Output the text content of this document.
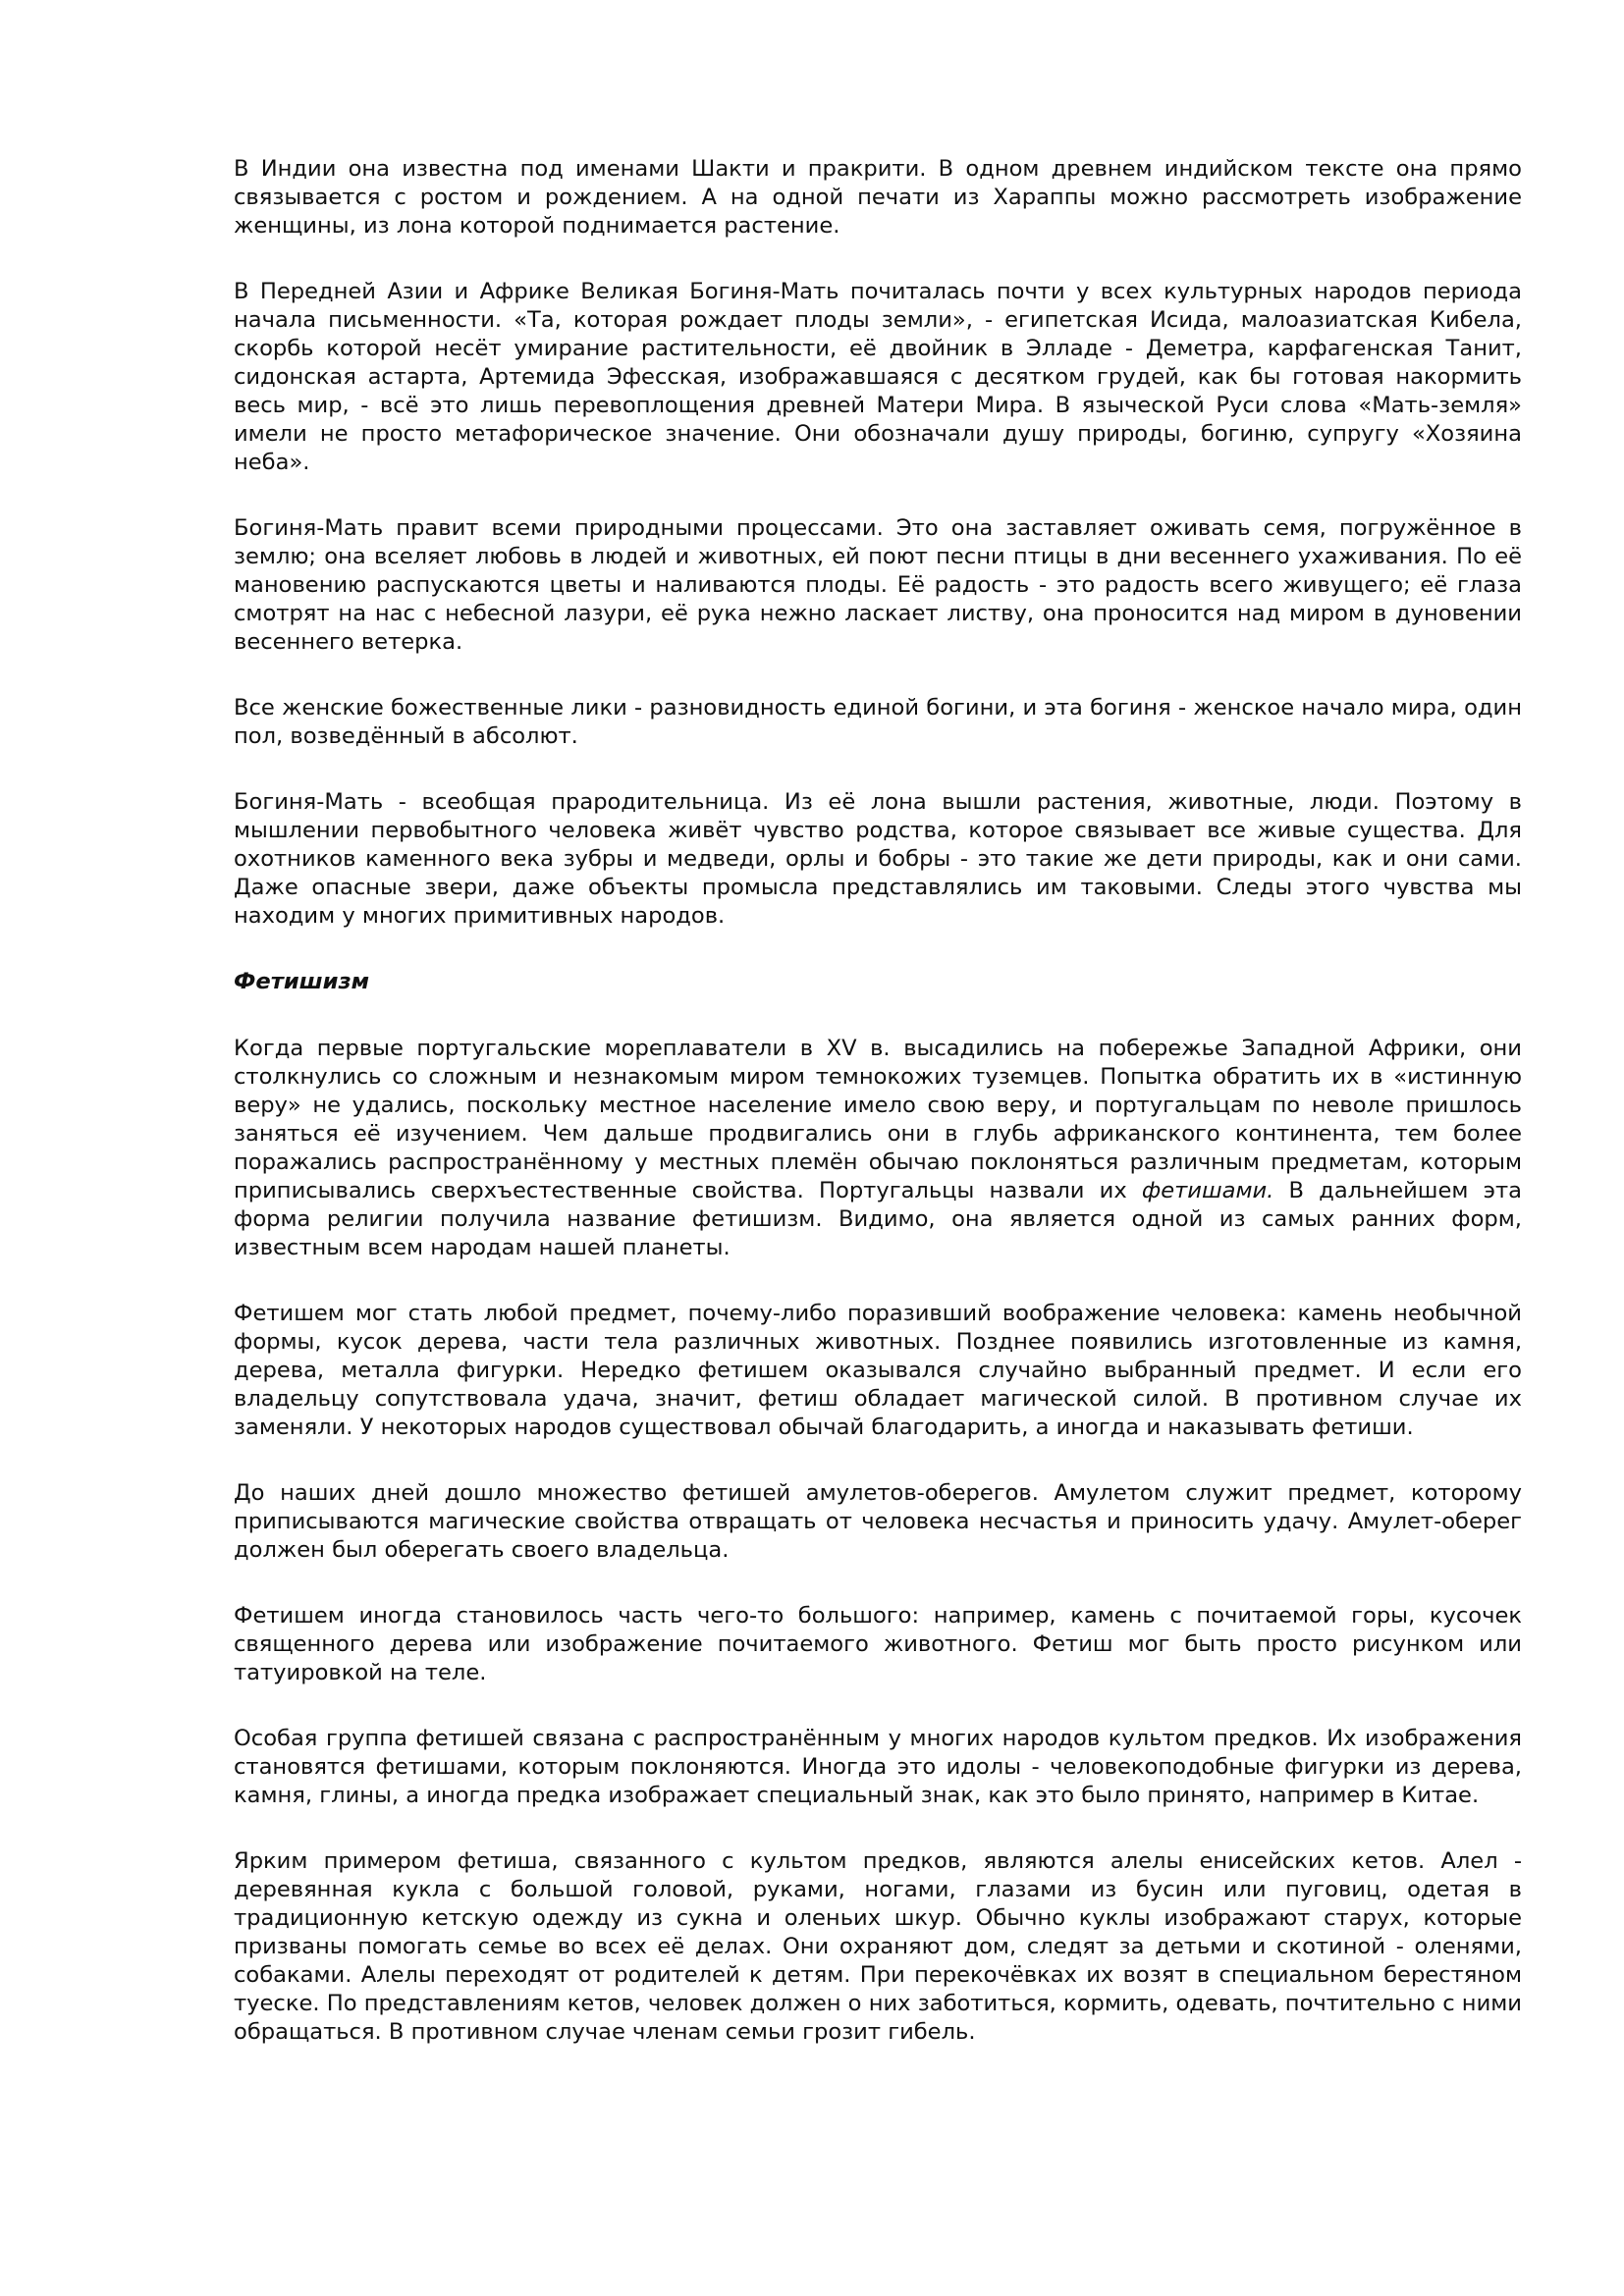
В Индии она известна под именами Шакти и пракрити. В одном древнем индийском тексте она прямо связывается с ростом и рождением. А на одной печати из Хараппы можно рассмотреть изображение женщины, из лона которой поднимается растение.

В Передней Азии и Африке Великая Богиня-Мать почиталась почти у всех культурных народов периода начала письменности. «Та, которая рождает плоды земли», - египетская Исида, малоазиатская Кибела, скорбь которой несёт умирание растительности, её двойник в Элладе - Деметра, карфагенская Танит, сидонская астарта, Артемида Эфесская, изображавшаяся с десятком грудей, как бы готовая накормить весь мир, - всё это лишь перевоплощения древней Матери Мира. В языческой Руси слова «Мать-земля» имели не просто метафорическое значение. Они обозначали душу природы, богиню, супругу «Хозяина неба».

Богиня-Мать правит всеми природными процессами. Это она заставляет оживать семя, погружённое в землю; она вселяет любовь в людей и животных, ей поют песни птицы в дни весеннего ухаживания. По её мановению распускаются цветы и наливаются плоды. Её радость - это радость всего живущего; её глаза смотрят на нас с небесной лазури, её рука нежно ласкает листву, она проносится над миром в дуновении весеннего ветерка.

Все женские божественные лики - разновидность единой богини, и эта богиня - женское начало мира, один пол, возведённый в абсолют.

Богиня-Мать - всеобщая прародительница. Из её лона вышли растения, животные, люди. Поэтому в мышлении первобытного человека живёт чувство родства, которое связывает все живые существа. Для охотников каменного века зубры и медведи, орлы и бобры - это такие же дети природы, как и они сами. Даже опасные звери, даже объекты промысла представлялись им таковыми. Следы этого чувства мы находим у многих примитивных народов.

Фетишизм

Когда первые португальские мореплаватели в XV в. высадились на побережье Западной Африки, они столкнулись со сложным и незнакомым миром темнокожих туземцев. Попытка обратить их в «истинную веру» не удались, поскольку местное население имело свою веру, и португальцам по неволе пришлось заняться её изучением. Чем дальше продвигались они в глубь африканского континента, тем более поражались распространённому у местных племён обычаю поклоняться различным предметам, которым приписывались сверхъестественные свойства. Португальцы назвали их фетишами. В дальнейшем эта форма религии получила название фетишизм. Видимо, она является одной из самых ранних форм, известным всем народам нашей планеты.

Фетишем мог стать любой предмет, почему-либо поразивший воображение человека: камень необычной формы, кусок дерева, части тела различных животных. Позднее появились изготовленные из камня, дерева, металла фигурки. Нередко фетишем оказывался случайно выбранный предмет. И если его владельцу сопутствовала удача, значит, фетиш обладает магической силой. В противном случае их заменяли. У некоторых народов существовал обычай благодарить, а иногда и наказывать фетиши.

До наших дней дошло множество фетишей амулетов-оберегов. Амулетом служит предмет, которому приписываются магические свойства отвращать от человека несчастья и приносить удачу. Амулет-оберег должен был оберегать своего владельца.

Фетишем иногда становилось часть чего-то большого: например, камень с почитаемой горы, кусочек священного дерева или изображение почитаемого животного. Фетиш мог быть просто рисунком или татуировкой на теле.

Особая группа фетишей связана с распространённым у многих народов культом предков. Их изображения становятся фетишами, которым поклоняются. Иногда это идолы - человекоподобные фигурки из дерева, камня, глины, а иногда предка изображает специальный знак, как это было принято, например в Китае.

Ярким примером фетиша, связанного с культом предков, являются алелы енисейских кетов. Алел - деревянная кукла с большой головой, руками, ногами, глазами из бусин или пуговиц, одетая в традиционную кетскую одежду из сукна и оленьих шкур. Обычно куклы изображают старух, которые призваны помогать семье во всех её делах. Они охраняют дом, следят за детьми и скотиной - оленями, собаками. Алелы переходят от родителей к детям. При перекочёвках их возят в специальном берестяном туеске. По представлениям кетов, человек должен о них заботиться, кормить, одевать, почтительно с ними обращаться. В противном случае членам семьи грозит гибель.
